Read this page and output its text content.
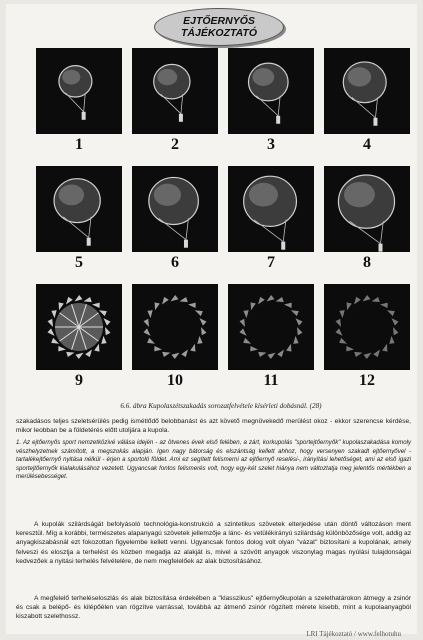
EJTŐERNYŐS
TÁJÉKOZTATÓ
1	2	3	4
5	6	7	8
9	10	11	12
6.6. ábra Kupolaszétszakadás sorozatfelvétele kísérleti dobásnál. (28)
szakadásos teljes szeletsérülés pedig ismétlődő belobbanást és azt követő megnövekedő merülést okoz - ekkor szerencse kérdése, mikor leobban be a földetérés előtt utoljára a kupola.
1. Az ejtőernyős sport nemzetközivé válása idején - az ötvenes évek első felében, a zárt, korkupolás "sportejtőernyők" kupolaszakadása komoly vészhelyzetnek számított, a megszokás alapján. Igen nagy bátorság és elszántság kellett ahhoz, hogy versenyen szakadt ejtőernyővel - tartalékejtőernyő nyitása nélkül - érjen a sportoló földet. Ami ez segített felismerni az ejtőernyő reselési-, irányítási lehetőséget, ami az első igazi sportejtőernyők kialakulásához vezetett. Ugyancsak fontos felismerés volt, hogy egy-két szelet hiánya nem változtatja meg jelentős mértékben a merülésebességet.
A kupolák szilárdságát befolyásoló technológia-konstrukció a szintetikus szövetek elterjedése után döntő változáson ment keresztül. Míg a korábbi, természetes alapanyagú szövetek jellemzője a lánc- és vetülékirányú szilárdság különbözősége volt, addig az anyagkiszabásnál ezt fokozottan figyelembe kellett venni. Ugyancsak fontos dolog volt olyan "vázat" biztosítani a kupolának, amely felveszi és elosztja a terhelést és közben megadja az alakját is, mivel a szövött anyagok viszonylag magas nyúlási tulajdonságai kedvezőek a nyitási terhelés felvételére, de nem megfelelőek az alak biztosításához.
A megfelelő terheléseloszlás és alak biztosítása érdekében a "klasszikus" ejtőernyőkupolán a szelethatárokon átmegy a zsinór és csak a belépő- és kilépőélen van rögzítve varrással, továbbá az átmenő zsinór rögzített mérete kisebb, mint a kupolaanyagból kiszabott szelethossz.
LRI Tájékoztató / www.felhotuhu
